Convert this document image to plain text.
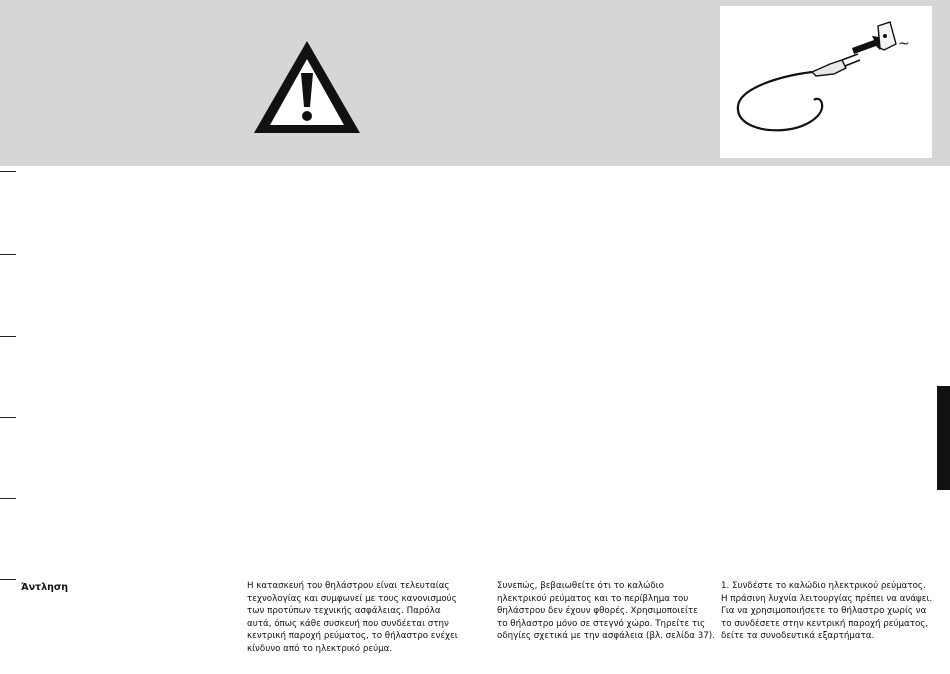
~
Άντληση	Η κατασκευή του θηλάστρου είναι τελευταίας
τεχνολογίας και συμφωνεί με τους κανονισμούς
των προτύπων τεχνικής ασφάλειας. Παρόλα
αυτά, όπως κάθε συσκευή που συνδέεται στην
κεντρική παροχή ρεύματος, το θήλαστρο ενέχει
κίνδυνο από το ηλεκτρικό ρεύμα.
Συνεπώς, βεβαιωθείτε ότι το καλώδιο
ηλεκτρικού ρεύματος και το περίβλημα του
θηλάστρου δεν έχουν φθορές. Χρησιμοποιείτε
το θήλαστρο μόνο σε στεγνό χώρο. Τηρείτε τις
οδηγίες σχετικά με την ασφάλεια (βλ. σελίδα 37).
1. Συνδέστε το καλώδιο ηλεκτρικού ρεύματος.
Η πράσινη λυχνία λειτουργίας πρέπει να ανάψει.
Για να χρησιμοποιήσετε το θήλαστρο χωρίς να
το συνδέσετε στην κεντρική παροχή ρεύματος,
δείτε τα συνοδευτικά εξαρτήματα.
